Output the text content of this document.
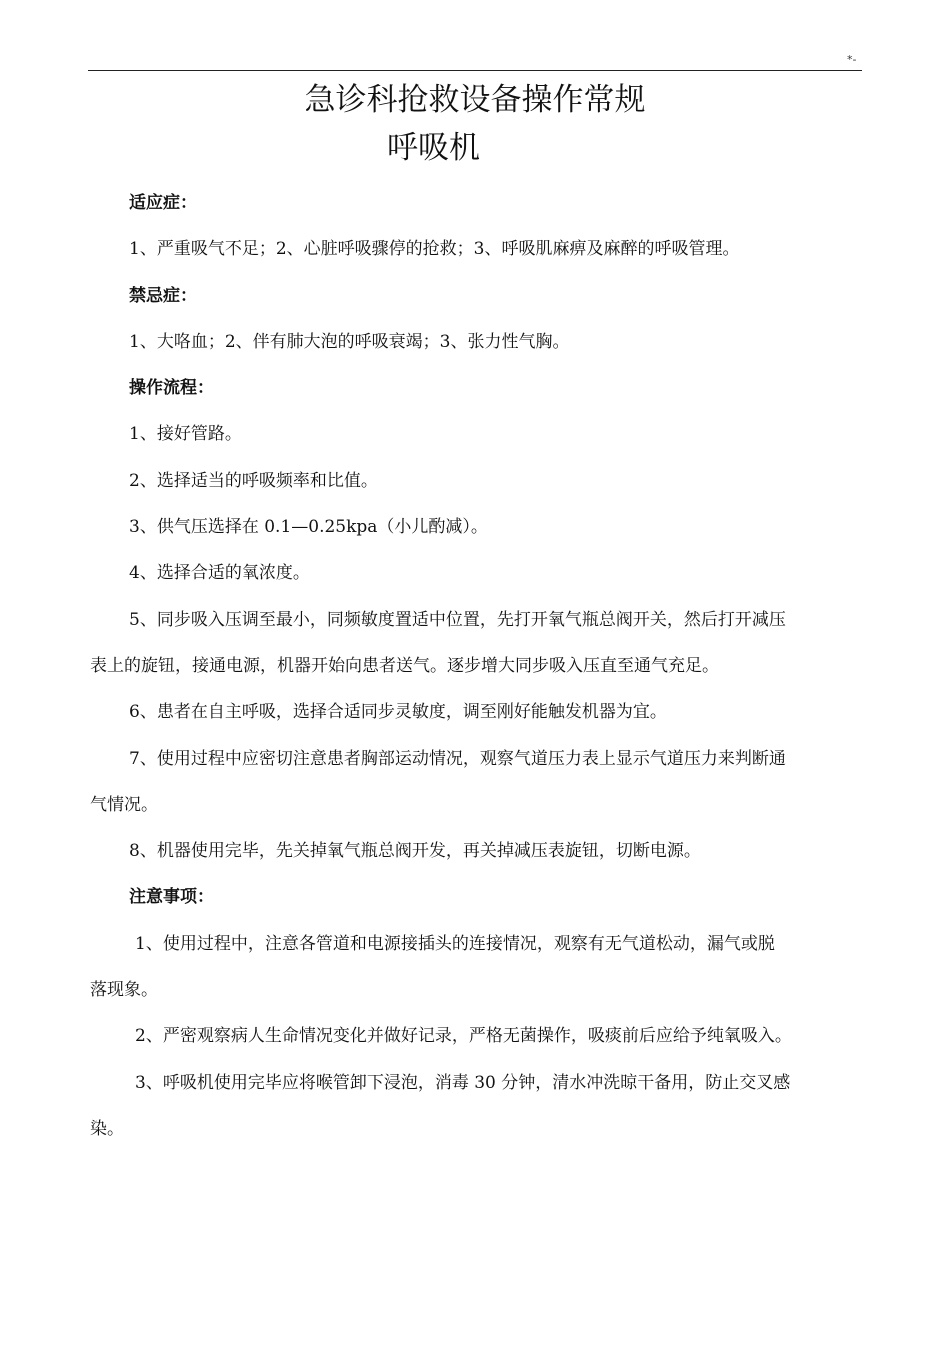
*-
急诊科抢救设备操作常规
呼吸机

适应症：

1、严重吸气不足；2、心脏呼吸骤停的抢救；3、呼吸肌麻痹及麻醉的呼吸管理。

禁忌症：

1、大咯血；2、伴有肺大泡的呼吸衰竭；3、张力性气胸。

操作流程：

1、接好管路。

2、选择适当的呼吸频率和比值。

3、供气压选择在 0.1—0.25kpa（小儿酌减）。

4、选择合适的氧浓度。

5、同步吸入压调至最小，同频敏度置适中位置，先打开氧气瓶总阀开关，然后打开减压

表上的旋钮，接通电源，机器开始向患者送气。逐步增大同步吸入压直至通气充足。

6、患者在自主呼吸，选择合适同步灵敏度，调至刚好能触发机器为宜。

7、使用过程中应密切注意患者胸部运动情况，观察气道压力表上显示气道压力来判断通

气情况。

8、机器使用完毕，先关掉氧气瓶总阀开发，再关掉减压表旋钮，切断电源。

注意事项：

1、使用过程中，注意各管道和电源接插头的连接情况，观察有无气道松动，漏气或脱

落现象。

2、严密观察病人生命情况变化并做好记录，严格无菌操作，吸痰前后应给予纯氧吸入。

3、呼吸机使用完毕应将喉管卸下浸泡，消毒 30 分钟，清水冲洗晾干备用，防止交叉感

染。
